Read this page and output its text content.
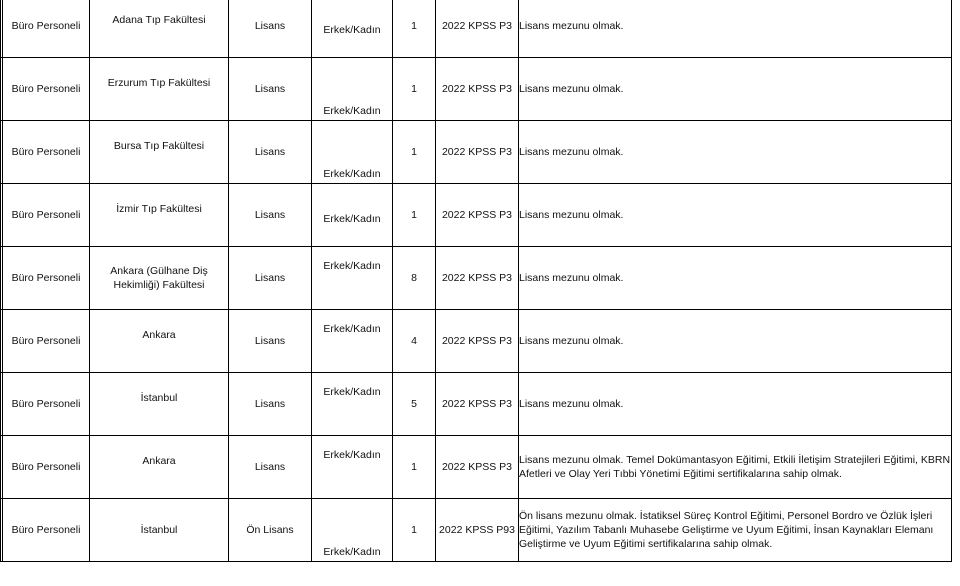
	Büro Personeli	Adana Tıp Fakültesi	Lisans	Erkek/Kadın	1	2022 KPSS P3	Lisans mezunu olmak.
	Büro Personeli	Erzurum Tıp Fakültesi	Lisans	Erkek/Kadın	1	2022 KPSS P3	Lisans mezunu olmak.
	Büro Personeli	Bursa Tıp Fakültesi	Lisans	Erkek/Kadın	1	2022 KPSS P3	Lisans mezunu olmak.
	Büro Personeli	İzmir Tıp Fakültesi	Lisans	Erkek/Kadın	1	2022 KPSS P3	Lisans mezunu olmak.
	Büro Personeli	Ankara (Gülhane Diş Hekimliği) Fakültesi	Lisans	Erkek/Kadın	8	2022 KPSS P3	Lisans mezunu olmak.
	Büro Personeli	Ankara	Lisans	Erkek/Kadın	4	2022 KPSS P3	Lisans mezunu olmak.
	Büro Personeli	İstanbul	Lisans	Erkek/Kadın	5	2022 KPSS P3	Lisans mezunu olmak.
	Büro Personeli	Ankara	Lisans	Erkek/Kadın	1	2022 KPSS P3	Lisans mezunu olmak. Temel Dokümantasyon Eğitimi, Etkili İletişim Stratejileri Eğitimi, KBRN Afetleri ve Olay Yeri Tıbbi Yönetimi Eğitimi sertifikalarına sahip olmak.
	Büro Personeli	İstanbul	Ön Lisans	Erkek/Kadın	1	2022 KPSS P93	Ön lisans mezunu olmak. İstatiksel Süreç Kontrol Eğitimi, Personel Bordro ve Özlük İşleri Eğitimi, Yazılım Tabanlı Muhasebe Geliştirme ve Uyum Eğitimi, İnsan Kaynakları Elemanı Geliştirme ve Uyum Eğitimi sertifikalarına sahip olmak.
